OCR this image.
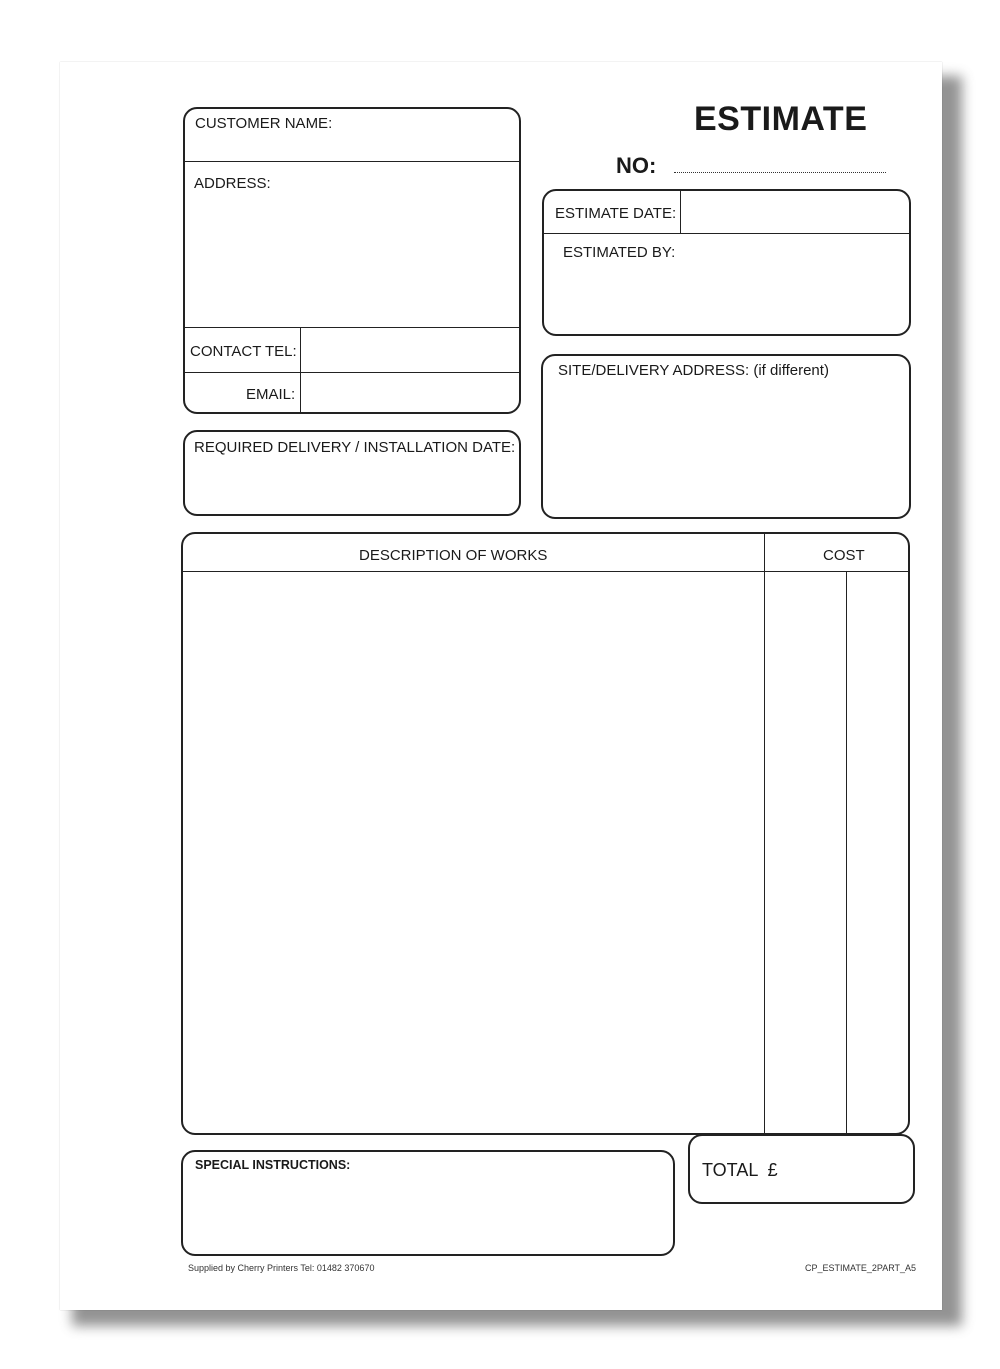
ESTIMATE
NO:
CUSTOMER NAME:
ADDRESS:
CONTACT TEL:
EMAIL:
REQUIRED DELIVERY / INSTALLATION DATE:
ESTIMATE DATE:
ESTIMATED BY:
SITE/DELIVERY ADDRESS: (if different)
DESCRIPTION OF WORKS	COST
TOTAL  £
SPECIAL INSTRUCTIONS:
Supplied by Cherry Printers Tel: 01482 370670	CP_ESTIMATE_2PART_A5
